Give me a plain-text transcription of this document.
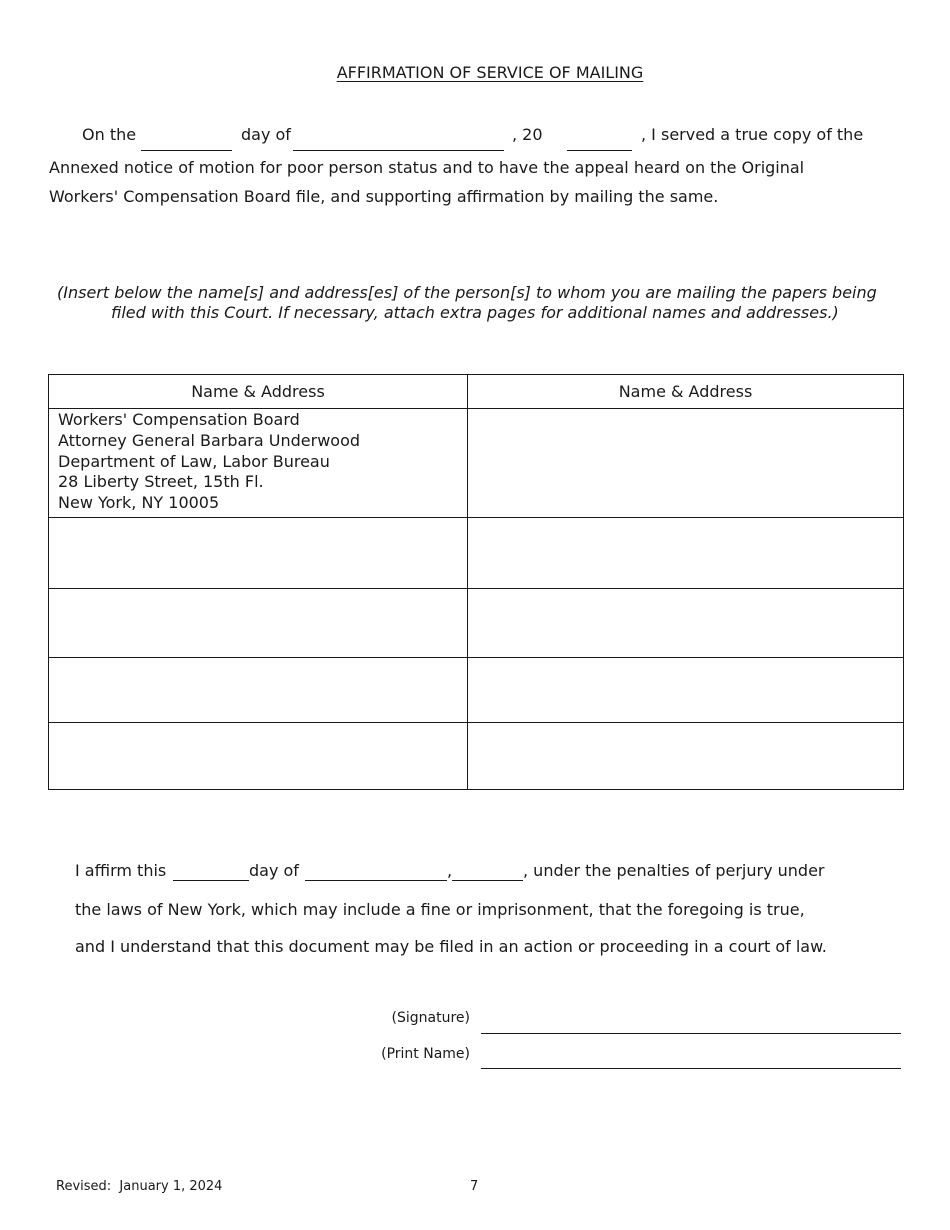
AFFIRMATION OF SERVICE OF MAILING
On the	day of	, 20	, I served a true copy of the
Annexed notice of motion for poor person status and to have the appeal heard on the Original
Workers' Compensation Board file, and supporting affirmation by mailing the same.
(Insert below the name[s] and address[es] of the person[s] to whom you are mailing the papers being
filed with this Court. If necessary, attach extra pages for additional names and addresses.)
Name & Address	Name & Address

Workers' Compensation Board
Attorney General Barbara Underwood
Department of Law, Labor Bureau
28 Liberty Street, 15th Fl.
New York, NY 10005	

I affirm this	day of	,	, under the penalties of perjury under
the laws of New York, which may include a fine or imprisonment, that the foregoing is true,
and I understand that this document may be filed in an action or proceeding in a court of law.
(Signature)
(Print Name)
Revised:  January 1, 2024	7
